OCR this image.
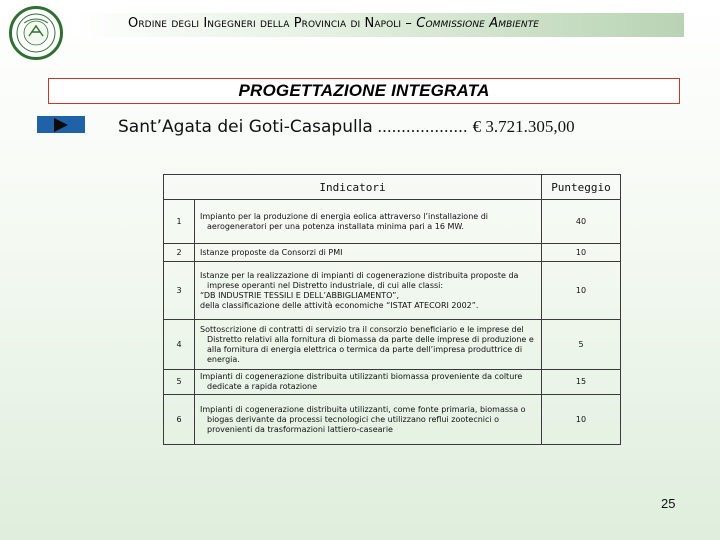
Ordine degli Ingegneri della Provincia di Napoli – Commissione Ambiente
PROGETTAZIONE INTEGRATA
Sant’Agata dei Goti-Casapulla ................... € 3.721.305,00
Indicatori		Punteggio
1	Impianto per la produzione di energia eolica attraverso l’installazione di aerogeneratori per una potenza installata minima pari a 16 MW.	40
2	Istanze proposte da Consorzi di PMI	10
3	Istanze per la realizzazione di impianti di cogenerazione distribuita proposte da imprese operanti nel Distretto industriale, di cui alle classi:
“DB INDUSTRIE TESSILI E DELL’ABBIGLIAMENTO”,
della classificazione delle attività economiche “ISTAT ATECORI 2002”.	10
4	Sottoscrizione di contratti di servizio tra il consorzio beneficiario e le imprese del Distretto relativi alla fornitura di biomassa da parte delle imprese di produzione e alla fornitura di energia elettrica o termica da parte dell’impresa produttrice di energia.	5
5	Impianti di cogenerazione distribuita utilizzanti biomassa proveniente da colture dedicate a rapida rotazione	15
6	Impianti di cogenerazione distribuita utilizzanti, come fonte primaria, biomassa o biogas derivante da processi tecnologici che utilizzano reflui zootecnici o provenienti da trasformazioni lattiero-casearie	10
25
